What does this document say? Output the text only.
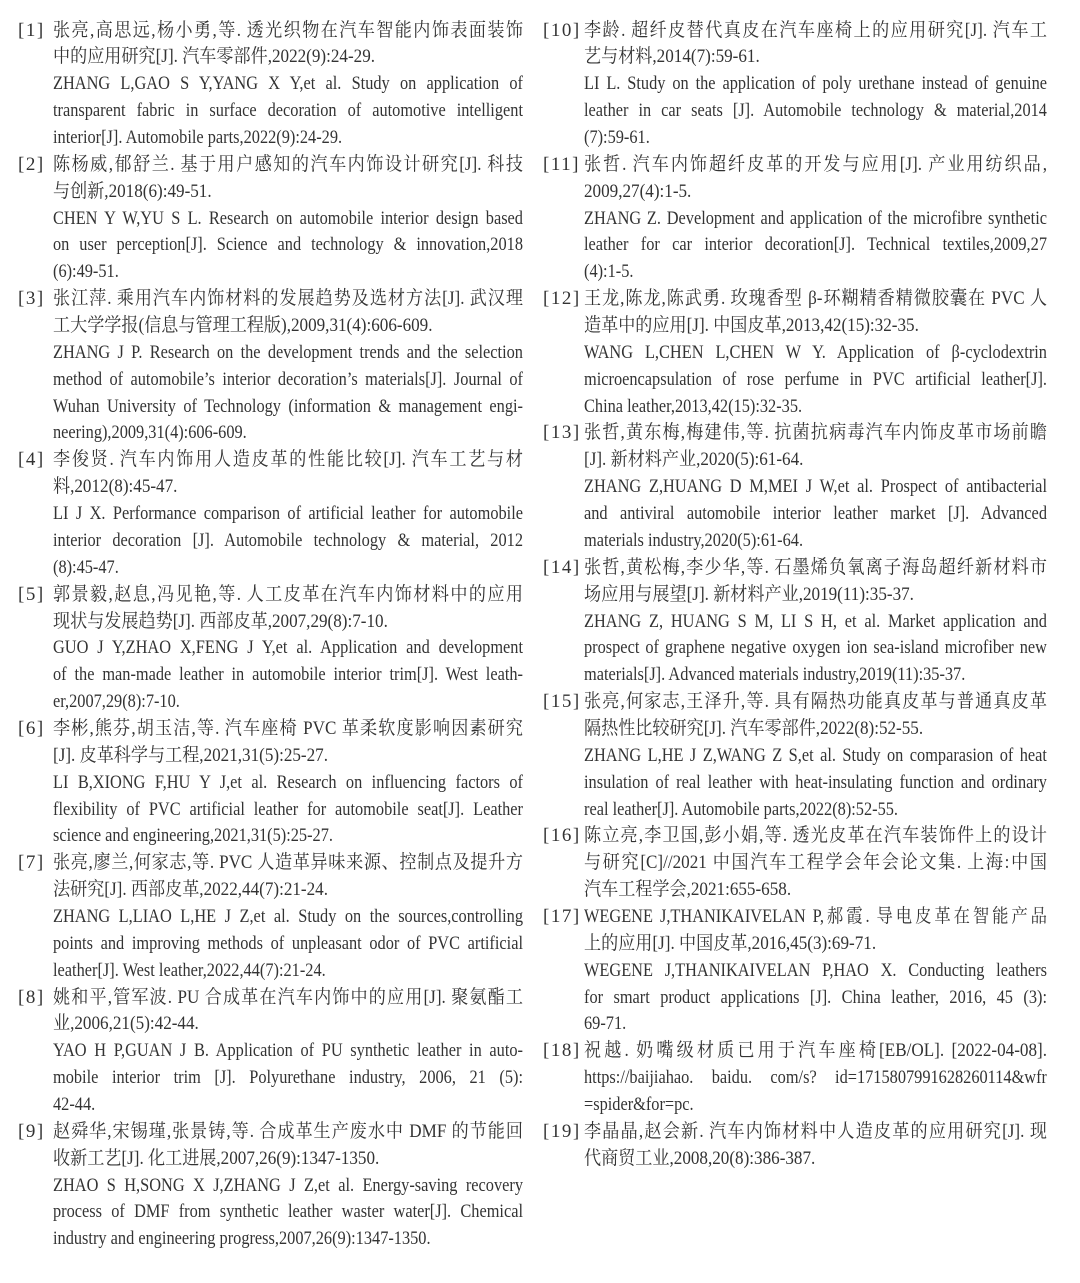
[1] 张亮,高思远,杨小勇,等. 透光织物在汽车智能内饰表面装饰
中的应用研究[J]. 汽车零部件,2022(9):24-29.
ZHANG L,GAO S Y,YANG X Y,et al. Study on application of
transparent fabric in surface decoration of automotive intelligent
interior[J]. Automobile parts,2022(9):24-29.
[2] 陈杨威,郁舒兰. 基于用户感知的汽车内饰设计研究[J]. 科技
与创新,2018(6):49-51.
CHEN Y W,YU S L. Research on automobile interior design based
on user perception[J]. Science and technology & innovation,2018
(6):49-51.
[3] 张江萍. 乘用汽车内饰材料的发展趋势及选材方法[J]. 武汉理
工大学学报(信息与管理工程版),2009,31(4):606-609.
ZHANG J P. Research on the development trends and the selection
method of automobile’s interior decoration’s materials[J]. Journal of
Wuhan University of Technology (information & management engi-
neering),2009,31(4):606-609.
[4] 李俊贤. 汽车内饰用人造皮革的性能比较[J]. 汽车工艺与材
料,2012(8):45-47.
LI J X. Performance comparison of artificial leather for automobile
interior decoration [J]. Automobile technology & material, 2012
(8):45-47.
[5] 郭景毅,赵息,冯见艳,等. 人工皮革在汽车内饰材料中的应用
现状与发展趋势[J]. 西部皮革,2007,29(8):7-10.
GUO J Y,ZHAO X,FENG J Y,et al. Application and development
of the man-made leather in automobile interior trim[J]. West leath-
er,2007,29(8):7-10.
[6] 李彬,熊芬,胡玉洁,等. 汽车座椅 PVC 革柔软度影响因素研究
[J]. 皮革科学与工程,2021,31(5):25-27.
LI B,XIONG F,HU Y J,et al. Research on influencing factors of
flexibility of PVC artificial leather for automobile seat[J]. Leather
science and engineering,2021,31(5):25-27.
[7] 张亮,廖兰,何家志,等. PVC 人造革异味来源、控制点及提升方
法研究[J]. 西部皮革,2022,44(7):21-24.
ZHANG L,LIAO L,HE J Z,et al. Study on the sources,controlling
points and improving methods of unpleasant odor of PVC artificial
leather[J]. West leather,2022,44(7):21-24.
[8] 姚和平,管军波. PU 合成革在汽车内饰中的应用[J]. 聚氨酯工
业,2006,21(5):42-44.
YAO H P,GUAN J B. Application of PU synthetic leather in auto-
mobile interior trim [J]. Polyurethane industry, 2006, 21 (5):
42-44.
[9] 赵舜华,宋锡瑾,张景铸,等. 合成革生产废水中 DMF 的节能回
收新工艺[J]. 化工进展,2007,26(9):1347-1350.
ZHAO S H,SONG X J,ZHANG J Z,et al. Energy-saving recovery
process of DMF from synthetic leather waster water[J]. Chemical
industry and engineering progress,2007,26(9):1347-1350.
[10] 李龄. 超纤皮替代真皮在汽车座椅上的应用研究[J]. 汽车工
艺与材料,2014(7):59-61.
LI L. Study on the application of poly urethane instead of genuine
leather in car seats [J]. Automobile technology & material,2014
(7):59-61.
[11] 张哲. 汽车内饰超纤皮革的开发与应用[J]. 产业用纺织品,
2009,27(4):1-5.
ZHANG Z. Development and application of the microfibre synthetic
leather for car interior decoration[J]. Technical textiles,2009,27
(4):1-5.
[12] 王龙,陈龙,陈武勇. 玫瑰香型 β-环糊精香精微胶囊在 PVC 人
造革中的应用[J]. 中国皮革,2013,42(15):32-35.
WANG L,CHEN L,CHEN W Y. Application of β-cyclodextrin
microencapsulation of rose perfume in PVC artificial leather[J].
China leather,2013,42(15):32-35.
[13] 张哲,黄东梅,梅建伟,等. 抗菌抗病毒汽车内饰皮革市场前瞻
[J]. 新材料产业,2020(5):61-64.
ZHANG Z,HUANG D M,MEI J W,et al. Prospect of antibacterial
and antiviral automobile interior leather market [J]. Advanced
materials industry,2020(5):61-64.
[14] 张哲,黄松梅,李少华,等. 石墨烯负氧离子海岛超纤新材料市
场应用与展望[J]. 新材料产业,2019(11):35-37.
ZHANG Z, HUANG S M, LI S H, et al. Market application and
prospect of graphene negative oxygen ion sea-island microfiber new
materials[J]. Advanced materials industry,2019(11):35-37.
[15] 张亮,何家志,王泽升,等. 具有隔热功能真皮革与普通真皮革
隔热性比较研究[J]. 汽车零部件,2022(8):52-55.
ZHANG L,HE J Z,WANG Z S,et al. Study on comparasion of heat
insulation of real leather with heat-insulating function and ordinary
real leather[J]. Automobile parts,2022(8):52-55.
[16] 陈立亮,李卫国,彭小娟,等. 透光皮革在汽车装饰件上的设计
与研究[C]//2021 中国汽车工程学会年会论文集. 上海:中国
汽车工程学会,2021:655-658.
[17] WEGENE J,THANIKAIVELAN P,郝霞. 导电皮革在智能产品
上的应用[J]. 中国皮革,2016,45(3):69-71.
WEGENE J,THANIKAIVELAN P,HAO X. Conducting leathers
for smart product applications [J]. China leather, 2016, 45 (3):
69-71.
[18] 祝越. 奶嘴级材质已用于汽车座椅[EB/OL]. [2022-04-08].
https://baijiahao. baidu. com/s? id=1715807991628260114&wfr
=spider&for=pc.
[19] 李晶晶,赵会新. 汽车内饰材料中人造皮革的应用研究[J]. 现
代商贸工业,2008,20(8):386-387.
